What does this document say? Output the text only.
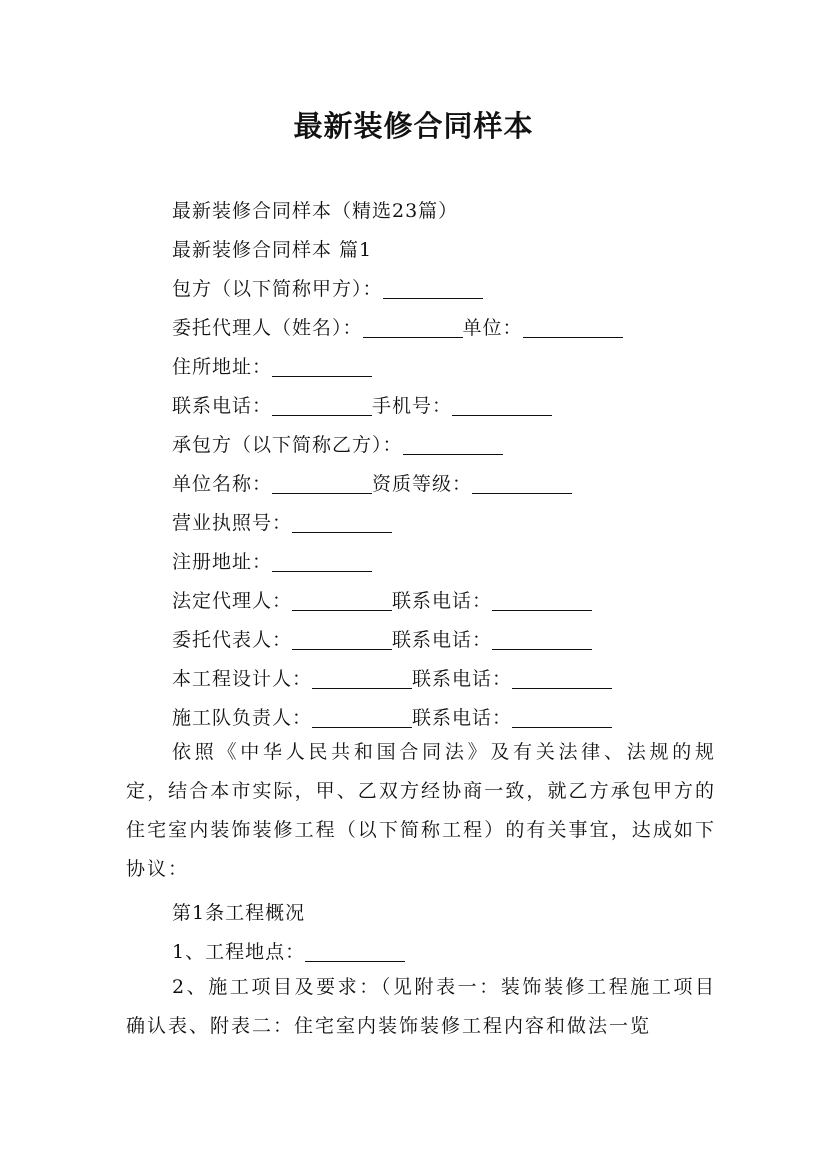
最新装修合同样本
最新装修合同样本（精选23篇）
最新装修合同样本 篇1
包方（以下简称甲方）：
委托代理人（姓名）：	单位：
住所地址：
联系电话：	手机号：
承包方（以下简称乙方）：
单位名称：	资质等级：
营业执照号：
注册地址：
法定代理人：	联系电话：
委托代表人：	联系电话：
本工程设计人：	联系电话：
施工队负责人：	联系电话：

依照《中华人民共和国合同法》及有关法律、法规的规定，结合本市实际，甲、乙双方经协商一致，就乙方承包甲方的住宅室内装饰装修工程（以下简称工程）的有关事宜，达成如下协议：

第1条工程概况
1、工程地点：

2、施工项目及要求：（见附表一：装饰装修工程施工项目确认表、附表二：住宅室内装饰装修工程内容和做法一览
